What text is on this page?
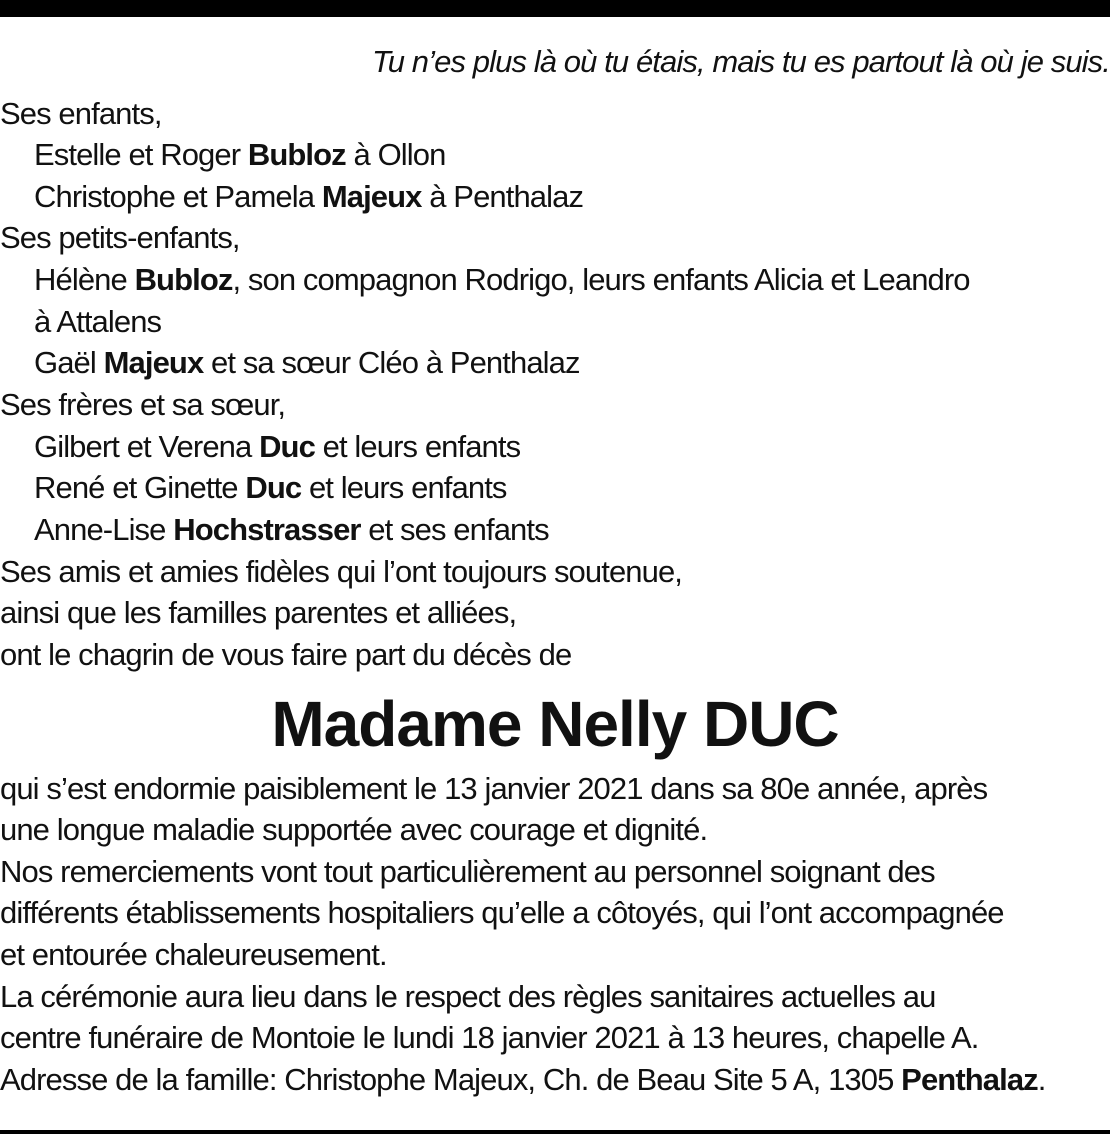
Tu n’es plus là où tu étais, mais tu es partout là où je suis.
Ses enfants,
Estelle et Roger Bubloz à Ollon
Christophe et Pamela Majeux à Penthalaz
Ses petits-enfants,
Hélène Bubloz, son compagnon Rodrigo, leurs enfants Alicia et Leandro
à Attalens
Gaël Majeux et sa sœur Cléo à Penthalaz
Ses frères et sa sœur,
Gilbert et Verena Duc et leurs enfants
René et Ginette Duc et leurs enfants
Anne-Lise Hochstrasser et ses enfants
Ses amis et amies fidèles qui l’ont toujours soutenue,
ainsi que les familles parentes et alliées,
ont le chagrin de vous faire part du décès de
Madame Nelly DUC
qui s’est endormie paisiblement le 13 janvier 2021 dans sa 80e année, après
une longue maladie supportée avec courage et dignité.
Nos remerciements vont tout particulièrement au personnel soignant des
différents établissements hospitaliers qu’elle a côtoyés, qui l’ont accompagnée
et entourée chaleureusement.
La cérémonie aura lieu dans le respect des règles sanitaires actuelles au
centre funéraire de Montoie le lundi 18 janvier 2021 à 13 heures, chapelle A.
Adresse de la famille: Christophe Majeux, Ch. de Beau Site 5 A, 1305 Penthalaz.
